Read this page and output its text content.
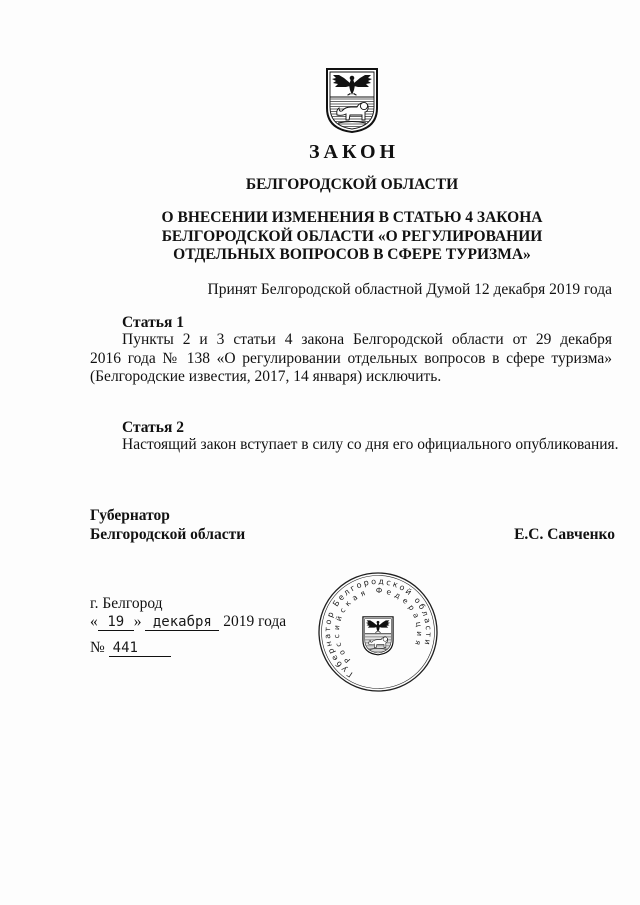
ЗАКОН
БЕЛГОРОДСКОЙ ОБЛАСТИ
О ВНЕСЕНИИ ИЗМЕНЕНИЯ В СТАТЬЮ 4 ЗАКОНА
БЕЛГОРОДСКОЙ ОБЛАСТИ «О РЕГУЛИРОВАНИИ
ОТДЕЛЬНЫХ ВОПРОСОВ В СФЕРЕ ТУРИЗМА»
Принят Белгородской областной Думой 12 декабря 2019 года
Статья 1
Пункты 2 и 3 статьи 4 закона Белгородской области от 29 декабря
2016 года № 138 «О регулировании отдельных вопросов в сфере туризма»
(Белгородские известия, 2017, 14 января) исключить.
Статья 2
Настоящий закон вступает в силу со дня его официального опубликования.
Губернатор
Белгородской области	Е.С. Савченко
г. Белгород
« 19 » декабря 2019 года
№ 441
Губернатор Белгородской области
Российская Федерация
